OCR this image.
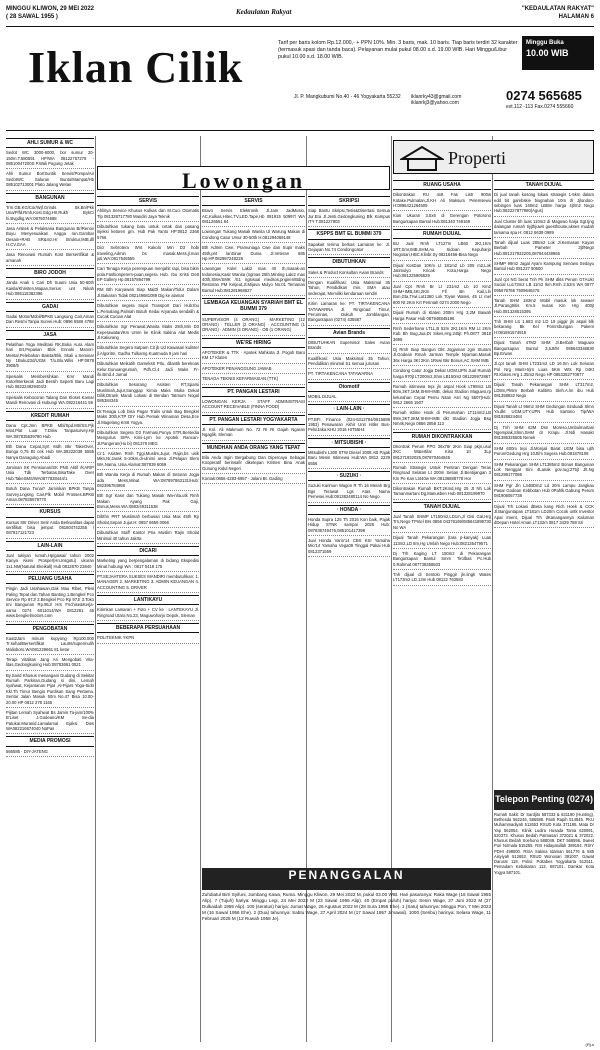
MINGGU KLIWON, 29 MEI 2022
( 28 SAWAL 1955 )
Kedaulatan Rakyat	"KEDAULATAN RAKYAT"
HALAMAN 6
Iklan Cilik	Tarif per baris kolom Rp.12.000,- + PPN 10%. Min. 3 baris, mak. 10 baris. Tiap baris terdiri 32 karakter (termasuk spasi dan tanda baca). Pelayanan mulai pukul 08.00 s.d. 19.00 WIB. Hari Minggu/Libur pukul 10.00 s.d. 18.00 WIB.
Minggu Buka
10.00 WIB
Jl. P. Mangkubumi No.40 - 46 Yogyakarta 55232 iklanrky43@gmail.com
iklanrkj3@yahoo.com
0274 565685
ext.112 -113 Fax.0274 555660
AHLI SUMUR & WC
Sedot WC 3000-6000, bor sumur 20-150m.T.580591 HP/WA 08122757279 - 08510047200S P.Wali Pogung Jetak
Ahli Sumur Bor/Suntik Servis/Pompa/Air SedotWC Saluran Buntu/Mampat/Hb 085102713001 Plato Jalang Wetan
BANGUNAN
Trm.GB.KG/Cor/Wjf.Grinds Sk.Bn/Pkk Una/Plfd.Rmh,Kost.Gdg.HII,Rukh BykCi hi.Bvgdkg.WA:0875074688
Jasa Arsitek & Pelaksana Bangunan Br/Renov Buyu Menyesuaikan Angga ran.Gambar Desain+RAB SR&mz.Hr Struktur,IMB,dll H.CV.GAA
Jasa Renovasi Rumah Kost Bersertifikat & amanah
BIRO JODOH
Janda Anak 1 Cari Dh Suami Usia 50-60th Kaisla/Khristen,Mapan,Serius unt Nikah Hub:085115382396
GADAI
Gadai Motor/Mobil/BPKB Langsung Cair,Aman Dan Resmi Tanpa Survei.Hub: 0896 5586 4788
JASA
Pelatihan Yoga Meditasi RK,Buka Aura Alam hari Srt,Pepasan Blok Ennoki Manori-Mental,Pelebahan Baleta/Elik, Skali u.Seminar Ny 1Buku22d/UGM T/u.Blu.Wilis HP:0878 3908/5
Spesialis Membersihkan Kmr Mandi Kotor/Berkerak Jadi Bersih Seperti Baru Lagi Hub 082224829404/3
Spesialis Kebocoran Talang Dan Kloset Kamar Mandi Renovasi di Hubungi WA.082216441 56
KREDIT RUMAH
Dana Cpt.Jmn BPKB Mbl/Spd.Mtr/SS.Pjk telat,Plat Luar T.Diriw Tanpasurvey.Hp WA:087835639780 Hub
Bth Dana Cepat,Syrt Mdh Bkr TakeOver, Bunga 0,75 Bt cek Hub WA:08222039 5555 Nanya Danagung Abadi
Jaminan SK Pensiunan/SK PNS Aktif /KARIP Usia Tdk Terbatas,BisaTake Over Hub:TakeSMS/WA0877838444/1
Butuh Dana Tunai? Jaminkan BPKB Tanpa Survey.Lngsng Cair,Plk Mobil Prosses.BPKB Aman.087835579770
KURSUS
Kursus Sttr Driver Setir Anda Berkwalitas dapat sertifikat bisa jemput 081804742255 / 087817121723
LAIN-LAIN
Jual tukiyan rumah,Hp/gawai/ tahun 2002 Kanya Akeni Prosper(Hn.Insgotu) ukuran 1x1.NM(Natural Ekeikall) Hub 0812870 23840
PELUANG USAHA
Pingin Jadi Usahawan,Gak Mau Ribet, Plesi Paling Tepat dan Tahan Banting 1.Bengkel Pco Service Rp 97J/ 2.Bengkel Pco Rp 97J/ 3.Toko Imi Bangunan Rp.95J/ Hrs Fnchise&Kerja-sama 0274 6011014/WA 0812281 46 www.bengkelmotors.com
PENGOBATAN
Kuat2Jam minum kopyong Rp100.000 Tr.sehat/Bersertifikat Lautrs/supermulih Malioboro.WA081229661 81 ketar
Terapi Vitalitas Jang Ari Mengobati Vita-litas,Gedongkuning Hub:08783661 0521
By.Saird Khusus menangani Gudang di Sekitar Rumah Parkiran,Gudang si dini, Lemah syahwat, Kejantanan Pijat ,Al-Pijars Yoga-Sido Kkl.Th Timur Bengio Purdisan Sang Pertama, Sentar Jalan Masuk 50m No.47 Bisa 10.00-20.00 HP 0812 278 1165
Pijitan Lemah Syahwat Bs Jamin Ta-jam/100% B'Liset J.Godeano/KM Se-dia Patukar.Muranid.Lamalamal Ejaksi Dies WA082216674040 NoPas
MEDIA PROMOSI
566585 · DIY-JATENG
SERVIS
Ahliriya Service Khusus Kulkas dan M.Cuci Otomatis Tlp 081328717780 Mandiri Jaya Teknik
Dibutuhkan tukang batu untuk cetak dan pasang injeksi ketoren grn. Hub Pak Yanto HP:0812 2368 5766
Dicr Sebrotera Wnt Kakolo Min D3 hobi traveling,Admin bs masak.Mess,jl.man juti,WA:0817546555
Cari Tenaga Kerja perempuan menjahit rapi, bisa bikin pola.Fashionperem-puan,segera Hub. Ibu Kristi Dett EP Gallery Hp.08157884799
RM Bth Karyawati Siap MaiDl Makan/Tidur Dalam Jl.Bakaran Tidak 082149681089 Dig ke alamat
Dibutuhkan segera Supir Transport Dari Hub:Ibu L.Pemalang,Palmah Butuh Kedai Aryanuta sendalih & Cucak Cucian Alat
Dibutuhkan Sgr Perawat,Wanita Maks 25th,Min D3 Keperawatan/Km Umm ke Klinik Sakina Alat Medis Jl.Kaliurang
Dibutuhkan Segera Satpam Cit jb Ud Kawasan kulinter jl.Algoritm, Gadha Tulkarng Kuatmuda 9 jam hari
Dibutuhkan Meikatih GameksS Prlu, dilantik berekoas Kelur.Gunuangrumah, Pdh.Cl.4 Jadi Maks Fr-ihi.Bmd.4 Jurnal
Dibutuhkan Sesorang Asisten RT,Sparsi Muslimah,Jujur,Sanggap Kimia Maks Muka Dekat Dilik,Dtrank Mandi Lokasi di Bendan Tatmum Nogal 085384345
Dr.Tenaga Lob bisa Pagar Tralis untuk Bag Bengkel Maks 30th,KTP DIY Hub Pemak Winaman Desa,Ece Jl.Magelang Km8 Yogya.
Dibutuhkan Segera D3 Farmasi,Punya STR,Bersedia Mengurus SIPA Kimi-Lyrn ke Apotek Rancan-Jl.Pangeran(Hu bi) 081376 MEG
Cr:1 Asisten Rmh Tggi,Muslim,Jujur, Rajin,bs usik Mkn,Nr,Jarak 5-10km,di-ulnimi area Jl.Pelajan Slem WA.Nama. Usia Alamat:087839 6059
Bth Wanita Kerja di Rumah Makan di Seturan Jogja ada Mess,Minat WA:087897863131/Hub: 082395784958
Bth Sgr Kasir dan Tukang Masak Wa-nita.utk Rmh Makan Ayang Pak Gaji, Bonus,Mess.WA:0882/49311538
Dibthn PRT Muslimah berbusan Usia Max 45th Rp Sholat,Sepan Jujur.H: 0857 8656 0066
Dibutuhkan Staff Kantor Pria Muslim Rajin Sholat Minimal 40 tahun Jakrta
DICARI
Marketing yang berpengalaman di bidang Ekspedisi Minat hubungi WA : 0817 0418 175
PT.SEJAHTERA SUKSES MANDIRI membutuhkan: 1. MANAGER 2. MARKETING 3. ADMIN KEUANGAN 4. ACCOUNTING 5. DRIVER
LANTIKAYU
Kirimkan Lamaran + Foto + CV ke : LANTEKAYU Jl. Ringroad Utara No.23, Maguwoharjo Depok, Sleman
BEBERAPA PERSUAHAAN
POLITEKNIK YKPN
SERVIS
Bravo Servis Elektronik Jl.Jam JadMusio, AC,Kulkas,Hitec,TV,LED.Tape,Hb 081915 50997/ WA 081126551 84
Lowongan Tukang Masak Wanita Ul Warung Makan di Condong Catur Umur 30-50th H.081294069148
Bth Admin Cwe, Pramuniaga Cwe dan Supir maks 45th,pnt lanSinar Dunia Jl.Veteran 685 Hp.HP.082997248228
Lowongan Kolel Laki2 mas 40 th,masak-an Indonesia,Kasir Wanita (ngmas 25th,Minting Laki2 max 40th,SMA/SMK /S1 ngsisual medsos,pngiren/Bdng Restoran PM Ketjeut,Jl.Mijava Mulyo No.01 Temanan Bantul Hub:081281968627
LEMBAGA KEUANGAN SYARIAH BMT EL BUMMI 379
SUPERVISOR (4 ORANG) · MARKETING (12 ORANG) · TELLER (2 ORANG) · ACCOUNTING (1 ORANG) · ADMIN (3 ORANG) · OB (1 ORANG)
WE'RE HIRING
APOTEKER & TTK · Apotek Mahkota Jl. Pogoh Baru KM 17 Klaten
APOTEKER PENANGGUNG JAWAB
TENAGA TEKNIS KEFARMASIAN (TTK)
PT. PANGAN LESTARI
LOWONGAN KERJA · STAFF ADMINISTRASI ACCOUNT RECEIVABLE (FINNA FOOD)
PT. PANGAN LESTARI YOGYAKARTA
Jl. Kol. Ali Makmum No. 72 RI RI Gajah Ngaran Ngaglik, Sleman
MUNDHAN ANDA ORANG YANG TEPAT
Bila Anda Ingin Bergabung Dan Dipercaya Sebagai Kooperatif berinsafir diketepan Kristen Bina Anak Gunung Kidul Negeri
Kontak:0856-4283-6957 - Jalani Bt. Gading
SKRIPSI
Siap Bantu Skripsi,Tesis&Disertasi Semua Jur.Era Jl.Jenti.Gedongkuning Blk Kampus ITY T.081227803
KSPPS BMT EL BUMMI 379
Sapakait terima berkas Lamaran ke: Jl. Gejayan No.74 Condongcatur
DIBUTUHKAN
Sales & Product Konsultan Avian Brands
Dengan Kualifikasi: Usia Maksimal 35 Tahun, Pendidikan min. SMA atau sederajat, Memiliki kendaraan sendiri
Kirim Lamaran ke: PT. TIRTAKENCANA TATAWARNA Jl. Ringroad Timur, Perumnas, Dukuh Jomblangan, Banguntapan (0274) 435587
Avian Brands
DIBUTUHKAN Supervisor Sales Avian Brands
Kualifikasi: Usia Maksimal 35 Tahun, Pendidikan minimal S1 semua jurusan
PT. TIRTAKENCANA TATAWARNA
Otomotif
MOBIL DIJUAL
· LAIN-LAIN ·
PT.BFI Finance (024-6312784/0815889 1953) Penawaran Akhir Unit Hitler Bus-Pels/Jaka KHU 2016 HIT55H4
· MITSUBISHI ·
Mitsubishi L300 STW Diesel 2008 AB Pajak Baru Mesin Istimewa Hub:WA 0812 2229 6556
· SUZUKI ·
Suzuki Karimun Wagon R Th 16 Merah Brg Bgs Terawat Lgs Atas Nama Pemesei.Hub:081382480114 No Nego
· HONDA ·
Honda Supra 125 Th 2016 Kon baik, Pajak Hidup STNK sampai 2026 Hub: 087838749476,085101417398
Jual Honda Vario'14 CBS KSI Yamaha Mio'14 Yamaha Vega09 Tinggal Pakai Hub 0812371559
RUANG USAHA
Dikontrakan RU 4x8 Fas Listr 900w Kotake.Pulmatan,Jl.KH Ali Maksum Pelemsewu H:0896421264509
Kios Ukuran 3.5x6 di Gerengan Potorono Banguntapan Bantul Hub:081340 749169
RUMAH DIJUAL
BU Jual Rmh LT127m LB60 2Kt,1Km 1RT,Smr,IMB,SHM,Ax Sidoan Kepuharjo Nogosari,HBC.Klinbr.Sy 08216456-Bisa Nego
Dijual KosDan 10Km Lt 181m2 Lb 205 m2,Lok Jatimulyo Kricak Kota,Harga Nego Hub:081225905529
Jual Cpt Rmh Br Lt 231m2 Lb 10 Km2 SHM+IMB,4Kt,2Km Fll Bn Kail,Lln Bon,Gta,Trwi.Lut1360 Lok Toyan Wates, 45 Lt mel 800 Nt 2Km Krt Perintah 0274 2000 Nego
Dijual Rumah di Klaten 200m Hrg 3,2M Bawah Harga Pasar Hub 087948845196
Rmh Sederhana LT1L,B 52m 2Kt,1Km RM Lt 2Km Kab Bh Bug,Jua,Dt Sikes,Hrg.245jt Ph.0877 3818 3699
Dj Rmh Siap Bangun Dkt Jogjaman Jgni Sturam Jl.Godean Rmah Jarman Temple Nyaman,Masuk 36x Harga 3Kt 2Km 1Rswi Bkr Bonus,AC SHM IMB
Condong Catur Jogja Dekat UGM,UPN Jual Rumah harga 970jt LT200m2,Shm LB150m2 081225972867
Rumah istimewa tepi jln aspal Hook LT98m2 LB 80m,3KT,1KM,SHM+IMB, dekat Stadion Maguwo,rp kelurahan Cepat Pemu Nitan Asri Ng 5507)Hub: 0812 2666 1507
Rumah istime Hook di Perumahan LT114m2,LB 89m,3KT,2KM,SHM+IMB dkt Stadion Jogja Bsq Nm4k,Nego 0856 2856 113
RUMAH DIKONTRAKKAN
Dkontrak Perum PPG 36x78r 2Km Siap pkjn,usul 2KC Watertilar Kisa 1Ir 3Lp 081271932025,087870464845
Rumah Strategis Untuk Pentiran Dengan Teras Ringroad Selatan Lt 200m Setian Jl.Bentijangan 3 Km Pe Kan Lt440w WA 08136888778 Hor
Dikontrakan Rumah BKT,2Kmd,Hrg 25 Jt Nh Lok Tamanmartani Dg,Manusben Hub 081328199970
TANAH DIJUAL
Jual Tanah SHMP LT150m2,LD1m,Jl Gisi Gal,Hrg Trn,Nego TPntel Brs 0856 04376169/085641899730 No WA
Dijual Tanah Pekarangan (tara p-kanyak) Luas 113m2,LD 8m,Hg Umlah Nego Hub:082135479571
Dj Trh Kaging LT 150m2 di Pekarangan Banguntapan Bantul Smrn Tirolbas Pc.Hub 0.Rahmat 087738358503
Tnh dijual di Sentolo Pinggir jln.lingk Wates LT173m2 LD.13m Hub 08122 763583
TANAH DIJUAL
Di jual tanah kosong lokasi strategis 1-5km dalam edd bit garebskie biognahan 10m dr Jjlondoo-sebingen luas 148m2 LBBm harga 4jt/m2 Nego Hub:082227877980(Agus)
Jual Cluster bh luas 110m2 di Magowo harja Sgt.tjng dalangan rumah tiyjthjuwit guesthouse,akses mudah tamama spa H: 0812 6639 0989
Tanah dijual Luas 285m2 Lok Jl.Kemasan Kayan Berbah Pameter 3jt/Nego Hub:081217932205,087844439965
SHMP 99m2 Jagal Ayam Kampung Senowo Sedayu Bantul Hub 081227 50600
Jual cpt NG berat Tnh Pk SHM dkts Perum GTAUkr Sucial Lu173m2 LB 11m2 Ikm.Rmh 2.52m WA 0877 095676768 7509646476
Tanah SHM 183m2 Mobil masuk lok sewaer Jl.Parangtritis Km.5 nusas Km Hrg 400jt Hub.081328515395
Tnh SHM LS 1.683 m2 LD 19 piggir jln aspal blk bekarang Bk Kel Pomrsbungan Pakem H:081891574919
Dijual Tanah 47M2 SHM Jl.Berbah Maguwo Banguntapan Bantul 3,5Jt/M 085643346830 Bp.Erwan
Jl.cpt tanah SHM LT231m2 LD 16.0m Lok Seluran Pol Nrg Mant+trjrn Luas 5Km Wts Rp 04Kt Rt.Klaten.Hrg 1.35m2 Nego HP 0853282770877
Dijual Tanah Pekarangan SHM LT317m2, LD8m,Pk5m Berbah Kalitirto Sleh.A.lm ibu Hub 081358832 Nego
Dijual Tanah Lt 95m2 SHM Gedongan Sinduadi Slmn Ya.dkt UGM,UTY,UPN Hub Sartono Tip/WA 081928624484
Dj Tnh SHM 63M Dsn Moreso,Umbulmartani Ngemplak,Slmn,SHM dr Krapu Jl.Ndi Hanakr 081386325505 Nenek
SHM 600m tepi Jl.Monjali Barat UGM bisa ujth Purun/Gedung Hrg 10Jt/m Segera Hub.081878108
SHM Pekarangan SHM LT1385m2 Bonus Bangunan Lok Nenggar Sini 4Lanak gov.rug:275jt Jlt.Ng 081298177086
SHM Pgr Jln L44BDm2 Ld 20m Lampu Jangkau Pasar Godean Kebbotan Hub 0Pahlk.Gabung Perum 081906057738
Dijual Trh Lokasi dBeta kang Rich Hoek & CCK Jl.Banguntapan LT181m LD20m Cocok untk Investor Apat Iment, Dijual Trh dKanangannya Kaluman dDepan Hotel Aman LT132m 0817 3429 788 Sri
Lowongan
Properti
PENANGGALAN
Zuhdiatul Birri Syifuni, Jumbang Kawa, Ruma. Minggu Kliwon, 29 Mei 2022 M, pukul 03.00 WIB. Hari pasaranya: Raka Wage (16 Sawal 1955 Alip). 7 (Tujuh) hariya: Minggu Legi, 24 Mei 2022 M (23 Sawal 1955 Alip). 40 (Empat puluh) hariya: Senin Wage, 27 Juni 2022 M (27 Dulkaidah 1955 Alip). 100 (seratus) hariya: Jumat Wage, 26 Agustus 2022 M (28 Sura 1956 Ehe). 1 (Satu) tahunnya: Minggu Pon, 7 Mei 2023 M (16 Sawal 1956 Ehe). 2 (Dua) tahunnya: Sabtu Wage, 27 April 2024 M (17 Sawal 1957 Jimawal). 1000 (Seribu) harinya: Selasa Wage, 11 Februari 2025 M (12 Ruwah 1958 Je).
Telepon Penting (0274)
Rumah Sakit: Dr Sardjito 587333 & 631190 (Hunting), Bethesda 562246, 586688. Panti Rapih 514845. PKU Muhammadiyah 512653 RSUD Kota 371195. Mata Dr Yap 562054. Klinik Ludira Husada Tama 620091, 620373. Khusus Bedah Patmasari 372021 & 372022. Khusus Bedah Soehono 588049. DKT 566596. Sweet Puri Nirmala 515255. RSI Hidayatullah 389194. RSIY PDHI 498000. RSIA Sakina Idaman 561776 & 585 Aisyiyah 512653. RSUD Wonosari 391007. Gawat Darurat 118. Polisi: Poltabes Yogyakarta 512511. Pemadam Kebakaran 113, 587101. Damkar Kota Yogya 587101.
(Rj-s
